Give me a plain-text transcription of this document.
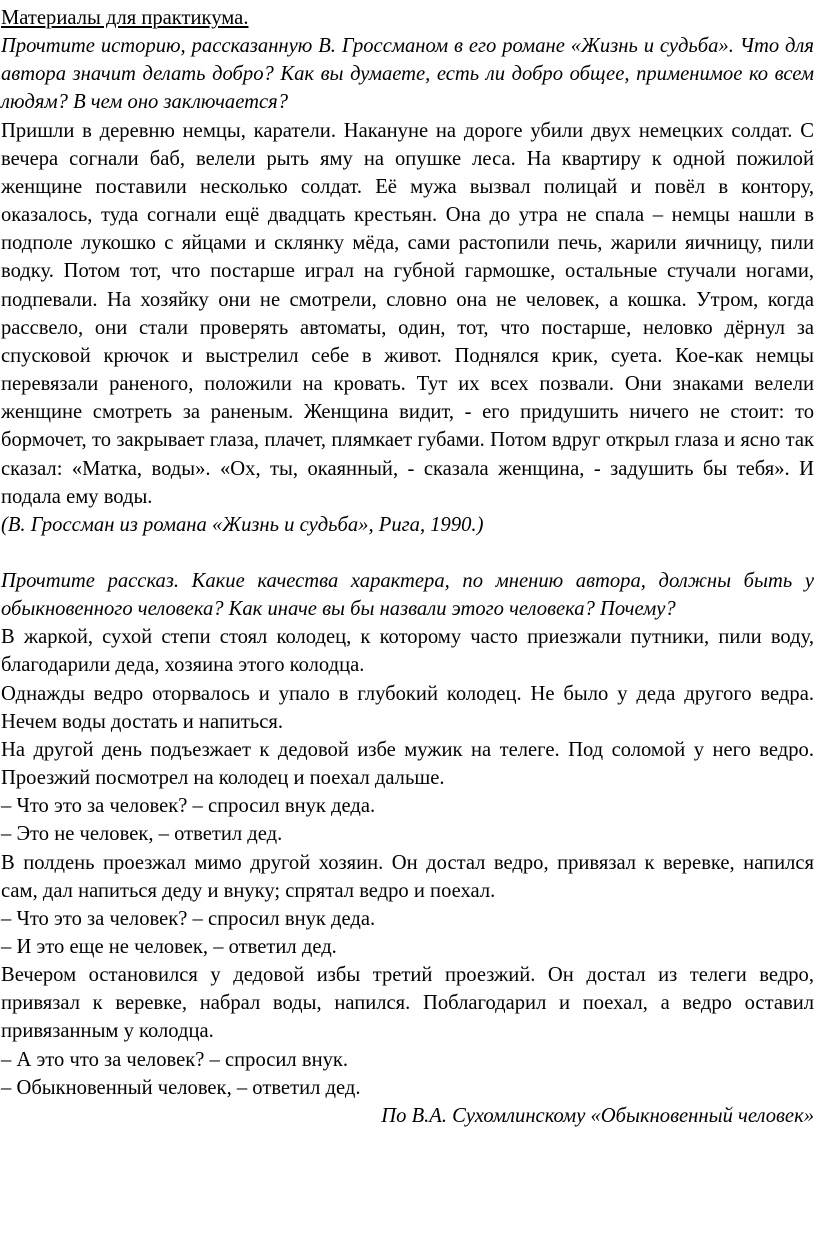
Материалы для практикума.

Прочтите историю, рассказанную В. Гроссманом в его романе «Жизнь и судьба». Что для автора значит делать добро? Как вы думаете, есть ли добро общее, применимое ко всем людям? В чем оно заключается?

Пришли в деревню немцы, каратели. Накануне на дороге убили двух немецких солдат. С вечера согнали баб, велели рыть яму на опушке леса. На квартиру к одной пожилой женщине поставили несколько солдат. Её мужа вызвал полицай и повёл в контору, оказалось, туда согнали ещё двадцать крестьян. Она до утра не спала – немцы нашли в подполе лукошко с яйцами и склянку мёда, сами растопили печь, жарили яичницу, пили водку. Потом тот, что постарше играл на губной гармошке, остальные стучали ногами, подпевали. На хозяйку они не смотрели, словно она не человек, а кошка. Утром, когда рассвело, они стали проверять автоматы, один, тот, что постарше, неловко дёрнул за спусковой крючок и выстрелил себе в живот. Поднялся крик, суета. Кое-как немцы перевязали раненого, положили на кровать. Тут их всех позвали. Они знаками велели женщине смотреть за раненым. Женщина видит, - его придушить ничего не стоит: то бормочет, то закрывает глаза, плачет, плямкает губами. Потом вдруг открыл глаза и ясно так сказал: «Матка, воды». «Ох, ты, окаянный, - сказала женщина, - задушить бы тебя». И подала ему воды.

(В. Гроссман из романа «Жизнь и судьба», Рига, 1990.)

Прочтите рассказ. Какие качества характера, по мнению автора, должны быть у обыкновенного человека? Как иначе вы бы назвали этого человека? Почему?

В жаркой, сухой степи стоял колодец, к которому часто приезжали путники, пили воду, благодарили деда, хозяина этого колодца.

Однажды ведро оторвалось и упало в глубокий колодец. Не было у деда другого ведра. Нечем воды достать и напиться.

На другой день подъезжает к дедовой избе мужик на телеге. Под соломой у него ведро. Проезжий посмотрел на колодец и поехал дальше.

– Что это за человек? – спросил внук деда.

– Это не человек, – ответил дед.

В полдень проезжал мимо другой хозяин. Он достал ведро, привязал к веревке, напился сам, дал напиться деду и внуку; спрятал ведро и поехал.

– Что это за человек? – спросил внук деда.

– И это еще не человек, – ответил дед.

Вечером остановился у дедовой избы третий проезжий. Он достал из телеги ведро, привязал к веревке, набрал воды, напился. Поблагодарил и поехал, а ведро оставил привязанным у колодца.

– А это что за человек? – спросил внук.

– Обыкновенный человек, – ответил дед.

По В.А. Сухомлинскому «Обыкновенный человек»
